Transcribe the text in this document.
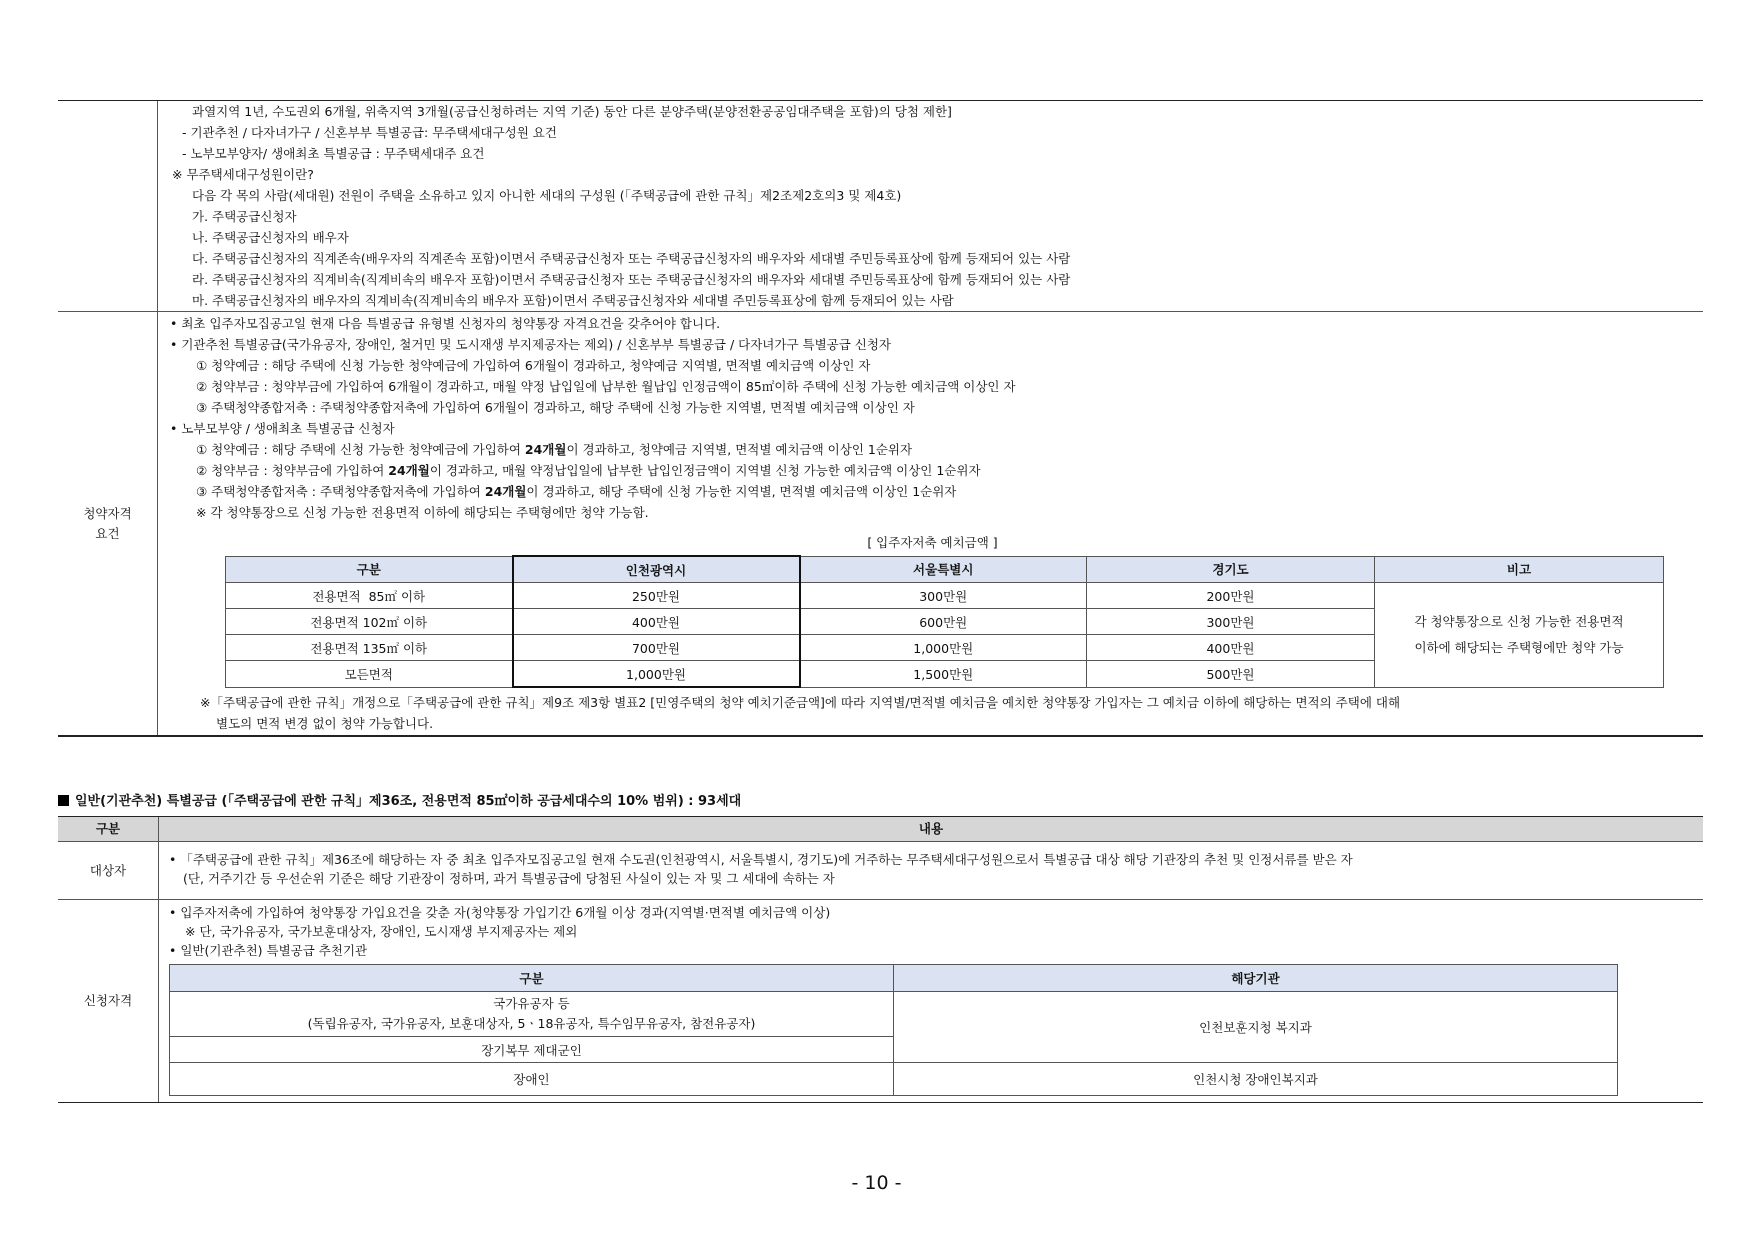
과열지역 1년, 수도권외 6개월, 위축지역 3개월(공급신청하려는 지역 기준) 동안 다른 분양주택(분양전환공공임대주택을 포함)의 당첨 제한]
- 기관추천 / 다자녀가구 / 신혼부부 특별공급: 무주택세대구성원 요건
- 노부모부양자/ 생애최초 특별공급 : 무주택세대주 요건
※ 무주택세대구성원이란?
다음 각 목의 사람(세대원) 전원이 주택을 소유하고 있지 아니한 세대의 구성원 (「주택공급에 관한 규칙」제2조제2호의3 및 제4호)
가. 주택공급신청자
나. 주택공급신청자의 배우자
다. 주택공급신청자의 직계존속(배우자의 직계존속 포함)이면서 주택공급신청자 또는 주택공급신청자의 배우자와 세대별 주민등록표상에 함께 등재되어 있는 사람
라. 주택공급신청자의 직계비속(직계비속의 배우자 포함)이면서 주택공급신청자 또는 주택공급신청자의 배우자와 세대별 주민등록표상에 함께 등재되어 있는 사람
마. 주택공급신청자의 배우자의 직계비속(직계비속의 배우자 포함)이면서 주택공급신청자와 세대별 주민등록표상에 함께 등재되어 있는 사람
청약자격
요건
• 최초 입주자모집공고일 현재 다음 특별공급 유형별 신청자의 청약통장 자격요건을 갖추어야 합니다.
• 기관추천 특별공급(국가유공자, 장애인, 철거민 및 도시재생 부지제공자는 제외) / 신혼부부 특별공급 / 다자녀가구 특별공급 신청자
① 청약예금 : 해당 주택에 신청 가능한 청약예금에 가입하여 6개월이 경과하고, 청약예금 지역별, 면적별 예치금액 이상인 자
② 청약부금 : 청약부금에 가입하여 6개월이 경과하고, 매월 약정 납입일에 납부한 월납입 인정금액이 85㎡이하 주택에 신청 가능한 예치금액 이상인 자
③ 주택청약종합저축 : 주택청약종합저축에 가입하여 6개월이 경과하고, 해당 주택에 신청 가능한 지역별, 면적별 예치금액 이상인 자
• 노부모부양 / 생애최초 특별공급 신청자
① 청약예금 : 해당 주택에 신청 가능한 청약예금에 가입하여 24개월이 경과하고, 청약예금 지역별, 면적별 예치금액 이상인 1순위자
② 청약부금 : 청약부금에 가입하여 24개월이 경과하고, 매월 약정납입일에 납부한 납입인정금액이 지역별 신청 가능한 예치금액 이상인 1순위자
③ 주택청약종합저축 : 주택청약종합저축에 가입하여 24개월이 경과하고, 해당 주택에 신청 가능한 지역별, 면적별 예치금액 이상인 1순위자
※ 각 청약통장으로 신청 가능한 전용면적 이하에 해당되는 주택형에만 청약 가능함.
[ 입주자저축 예치금액 ]
구분	인천광역시	서울특별시	경기도	비고
전용면적  85㎡ 이하	250만원	300만원	200만원	각 청약통장으로 신청 가능한 전용면적
이하에 해당되는 주택형에만 청약 가능

전용면적 102㎡ 이하	400만원	600만원	300만원	
전용면적 135㎡ 이하	700만원	1,000만원	400만원	
모든면적	1,000만원	1,500만원	500만원	
※「주택공급에 관한 규칙」개정으로「주택공급에 관한 규칙」제9조 제3항 별표2 [민영주택의 청약 예치기준금액]에 따라 지역별/면적별 예치금을 예치한 청약통장 가입자는 그 예치금 이하에 해당하는 면적의 주택에 대해
별도의 면적 변경 없이 청약 가능합니다.
일반(기관추천) 특별공급 (「주택공급에 관한 규칙」제36조, 전용면적 85㎡이하 공급세대수의 10% 범위) : 93세대
구분	내용
대상자
• 「주택공급에 관한 규칙」제36조에 해당하는 자 중 최초 입주자모집공고일 현재 수도권(인천광역시, 서울특별시, 경기도)에 거주하는 무주택세대구성원으로서 특별공급 대상 해당 기관장의 추천 및 인정서류를 받은 자
(단, 거주기간 등 우선순위 기준은 해당 기관장이 정하며, 과거 특별공급에 당첨된 사실이 있는 자 및 그 세대에 속하는 자
신청자격
• 입주자저축에 가입하여 청약통장 가입요건을 갖춘 자(청약통장 가입기간 6개월 이상 경과(지역별·면적별 예치금액 이상)
※ 단, 국가유공자, 국가보훈대상자, 장애인, 도시재생 부지제공자는 제외
• 일반(기관추천) 특별공급 추천기관
구분	해당기관

국가유공자 등
(독립유공자, 국가유공자, 보훈대상자, 5ㆍ18유공자, 특수임무유공자, 참전유공자)	인천보훈지청 복지과
장기복무 제대군인	
장애인	인천시청 장애인복지과
- 10 -
